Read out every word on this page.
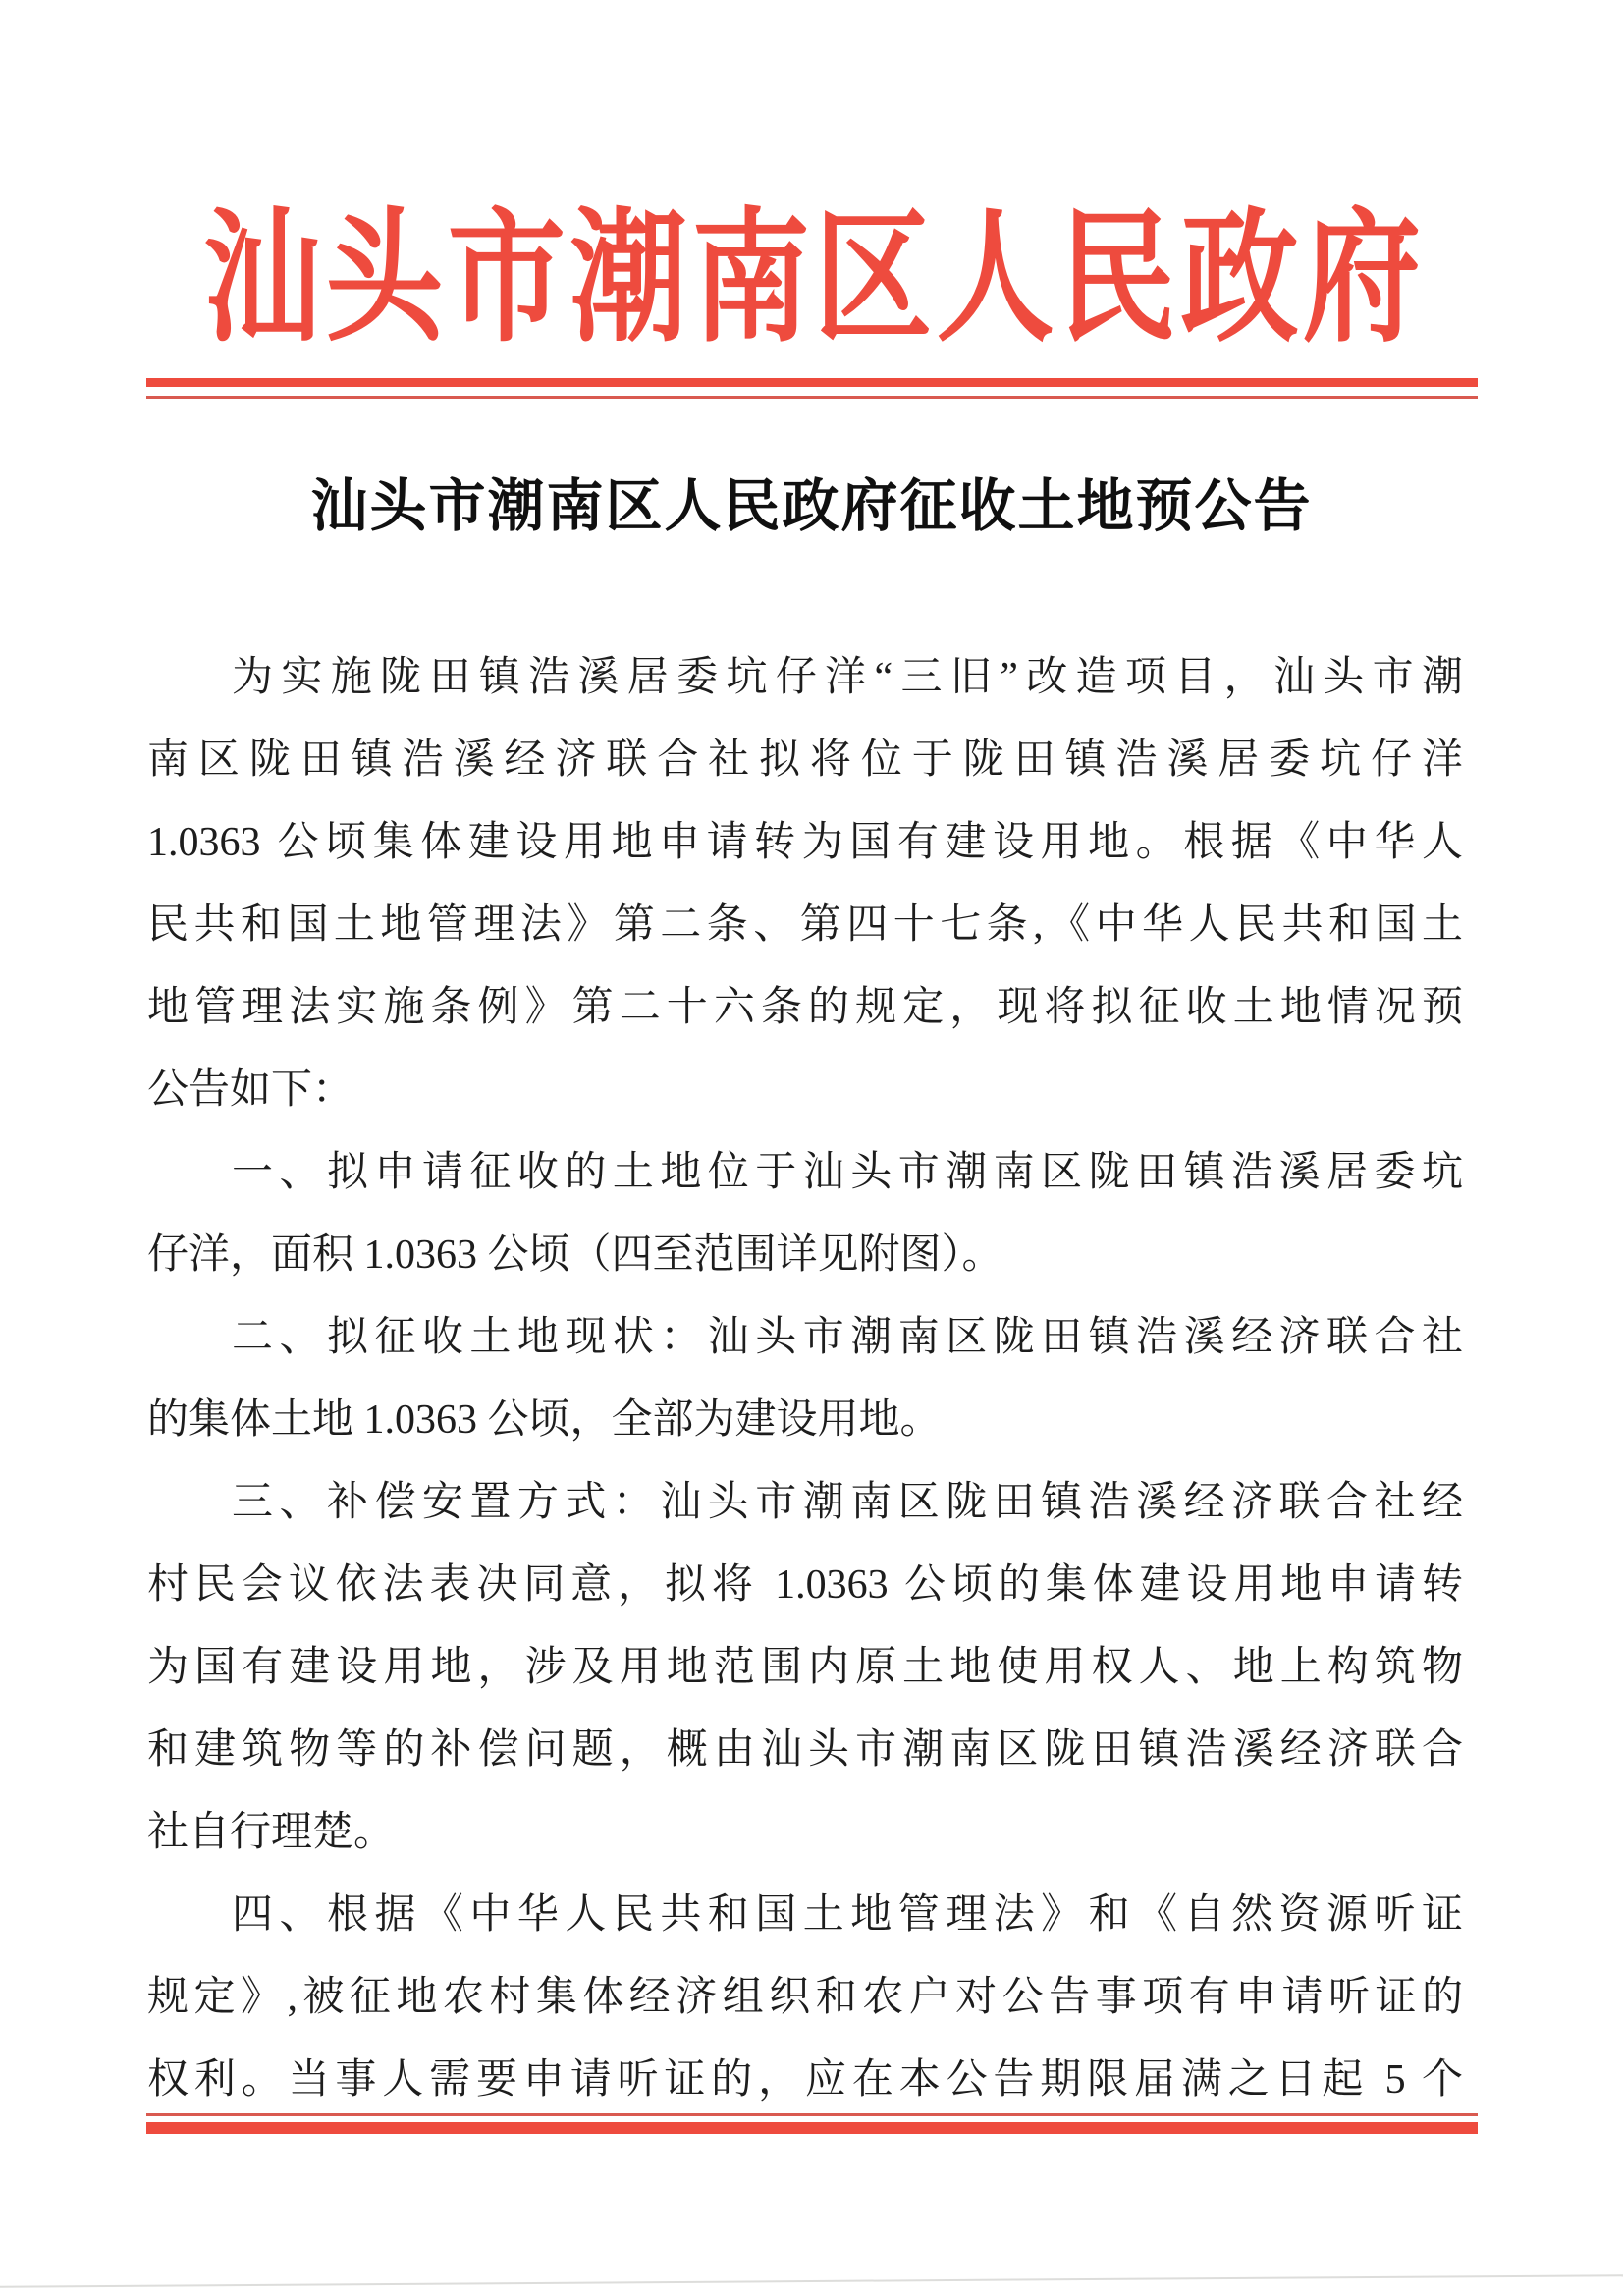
汕 头 市 潮 南 区 人 民 政 府
汕头市潮南区人民政府征收土地预公告
为实施陇田镇浩溪居委坑仔洋“三旧”改造项目，汕头市潮
南区陇田镇浩溪经济联合社拟将位于陇田镇浩溪居委坑仔洋
1.0363 公顷集体建设用地申请转为国有建设用地。根据《中华人
民共和国土地管理法》第二条、第四十七条,《中华人民共和国土
地管理法实施条例》第二十六条的规定，现将拟征收土地情况预
公告如下：
一、拟申请征收的土地位于汕头市潮南区陇田镇浩溪居委坑
仔洋，面积 1.0363 公顷（四至范围详见附图）。
二、拟征收土地现状：汕头市潮南区陇田镇浩溪经济联合社
的集体土地 1.0363 公顷，全部为建设用地。
三、补偿安置方式：汕头市潮南区陇田镇浩溪经济联合社经
村民会议依法表决同意，拟将 1.0363 公顷的集体建设用地申请转
为国有建设用地，涉及用地范围内原土地使用权人、地上构筑物
和建筑物等的补偿问题，概由汕头市潮南区陇田镇浩溪经济联合
社自行理楚。
四、根据《中华人民共和国土地管理法》和《自然资源听证
规定》,被征地农村集体经济组织和农户对公告事项有申请听证的
权利。当事人需要申请听证的，应在本公告期限届满之日起 5 个
